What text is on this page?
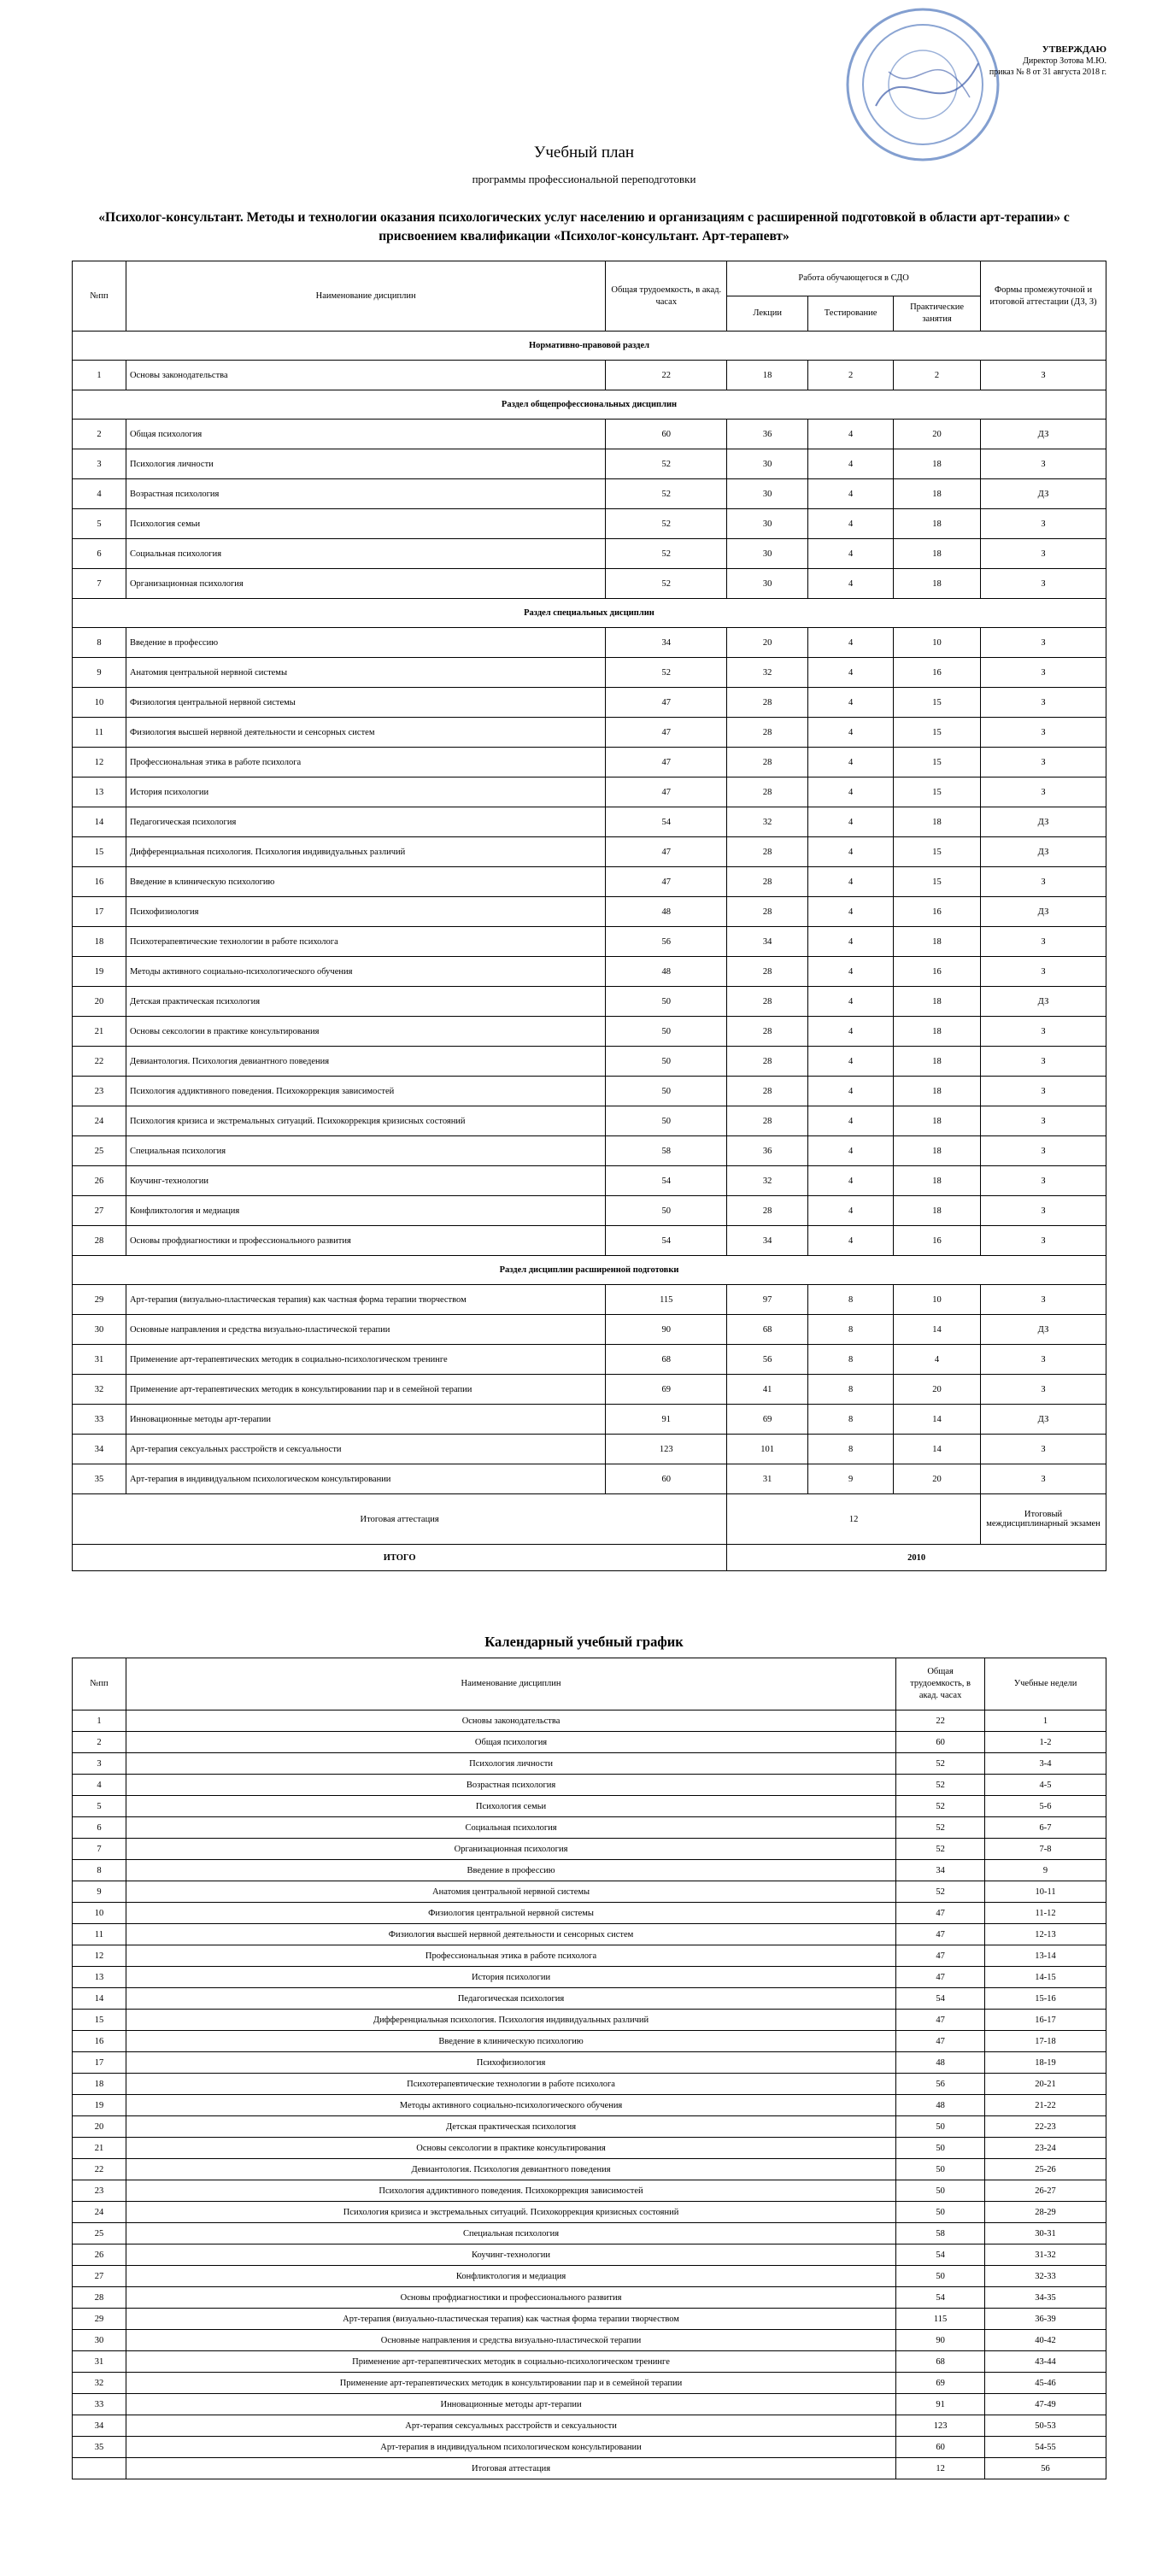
УТВЕРЖДАЮ
Директор Зотова М.Ю.
приказ № 8 от 31 августа 2018 г.
Учебный план
программы профессиональной переподготовки
«Психолог-консультант. Методы и технологии оказания психологических услуг населению и организациям с расширенной подготовкой в области арт-терапии» с присвоением квалификации «Психолог-консультант. Арт-терапевт»
№пп	Наименование дисциплин	Общая трудоемкость, в акад. часах	Работа обучающегося в СДО			Формы промежуточной и итоговой аттестации (ДЗ, З)
			Лекции	Тестирование	Практические занятия	
Нормативно-правовой раздел						
1	Основы законодательства	22	18	2	2	З
Раздел общепрофессиональных дисциплин						
2	Общая психология	60	36	4	20	ДЗ
3	Психология личности	52	30	4	18	З
4	Возрастная психология	52	30	4	18	ДЗ
5	Психология семьи	52	30	4	18	З
6	Социальная психология	52	30	4	18	З
7	Организационная психология	52	30	4	18	З
Раздел специальных дисциплин						
8	Введение в профессию	34	20	4	10	З
9	Анатомия центральной нервной системы	52	32	4	16	З
10	Физиология центральной нервной системы	47	28	4	15	З
11	Физиология высшей нервной деятельности и сенсорных систем	47	28	4	15	З
12	Профессиональная этика в работе психолога	47	28	4	15	З
13	История психологии	47	28	4	15	З
14	Педагогическая психология	54	32	4	18	ДЗ
15	Дифференциальная психология. Психология индивидуальных различий	47	28	4	15	ДЗ
16	Введение в клиническую психологию	47	28	4	15	З
17	Психофизиология	48	28	4	16	ДЗ
18	Психотерапевтические технологии в работе психолога	56	34	4	18	З
19	Методы активного социально-психологического обучения	48	28	4	16	З
20	Детская практическая психология	50	28	4	18	ДЗ
21	Основы сексологии в практике консультирования	50	28	4	18	З
22	Девиантология. Психология девиантного поведения	50	28	4	18	З
23	Психология аддиктивного поведения. Психокоррекция зависимостей	50	28	4	18	З
24	Психология кризиса и экстремальных ситуаций. Психокоррекция кризисных состояний	50	28	4	18	З
25	Специальная психология	58	36	4	18	З
26	Коучинг-технологии	54	32	4	18	З
27	Конфликтология и медиация	50	28	4	18	З
28	Основы профдиагностики и профессионального развития	54	34	4	16	З
Раздел дисциплин расширенной подготовки						
29	Арт-терапия (визуально-пластическая терапия) как частная форма терапии творчеством	115	97	8	10	З
30	Основные направления и средства визуально-пластической терапии	90	68	8	14	ДЗ
31	Применение арт-терапевтических методик в социально-психологическом тренинге	68	56	8	4	З
32	Применение арт-терапевтических методик в консультировании пар и в семейной терапии	69	41	8	20	З
33	Инновационные методы арт-терапии	91	69	8	14	ДЗ
34	Арт-терапия сексуальных расстройств и сексуальности	123	101	8	14	З
35	Арт-терапия в индивидуальном психологическом консультировании	60	31	9	20	З
Итоговая аттестация			12			Итоговый междисциплинарный экзамен
ИТОГО			2010			
Календарный учебный график
№пп	Наименование дисциплин	Общая трудоемкость, в акад. часах	Учебные недели
1	Основы законодательства	22	1
2	Общая психология	60	1-2
3	Психология личности	52	3-4
4	Возрастная психология	52	4-5
5	Психология семьи	52	5-6
6	Социальная психология	52	6-7
7	Организационная психология	52	7-8
8	Введение в профессию	34	9
9	Анатомия центральной нервной системы	52	10-11
10	Физиология центральной нервной системы	47	11-12
11	Физиология высшей нервной деятельности и сенсорных систем	47	12-13
12	Профессиональная этика в работе психолога	47	13-14
13	История психологии	47	14-15
14	Педагогическая психология	54	15-16
15	Дифференциальная психология. Психология индивидуальных различий	47	16-17
16	Введение в клиническую психологию	47	17-18
17	Психофизиология	48	18-19
18	Психотерапевтические технологии в работе психолога	56	20-21
19	Методы активного социально-психологического обучения	48	21-22
20	Детская практическая психология	50	22-23
21	Основы сексологии в практике консультирования	50	23-24
22	Девиантология. Психология девиантного поведения	50	25-26
23	Психология аддиктивного поведения. Психокоррекция зависимостей	50	26-27
24	Психология кризиса и экстремальных ситуаций. Психокоррекция кризисных состояний	50	28-29
25	Специальная психология	58	30-31
26	Коучинг-технологии	54	31-32
27	Конфликтология и медиация	50	32-33
28	Основы профдиагностики и профессионального развития	54	34-35
29	Арт-терапия (визуально-пластическая терапия) как частная форма терапии творчеством	115	36-39
30	Основные направления и средства визуально-пластической терапии	90	40-42
31	Применение арт-терапевтических методик в социально-психологическом тренинге	68	43-44
32	Применение арт-терапевтических методик в консультировании пар и в семейной терапии	69	45-46
33	Инновационные методы арт-терапии	91	47-49
34	Арт-терапия сексуальных расстройств и сексуальности	123	50-53
35	Арт-терапия в индивидуальном психологическом консультировании	60	54-55
	Итоговая аттестация	12	56
